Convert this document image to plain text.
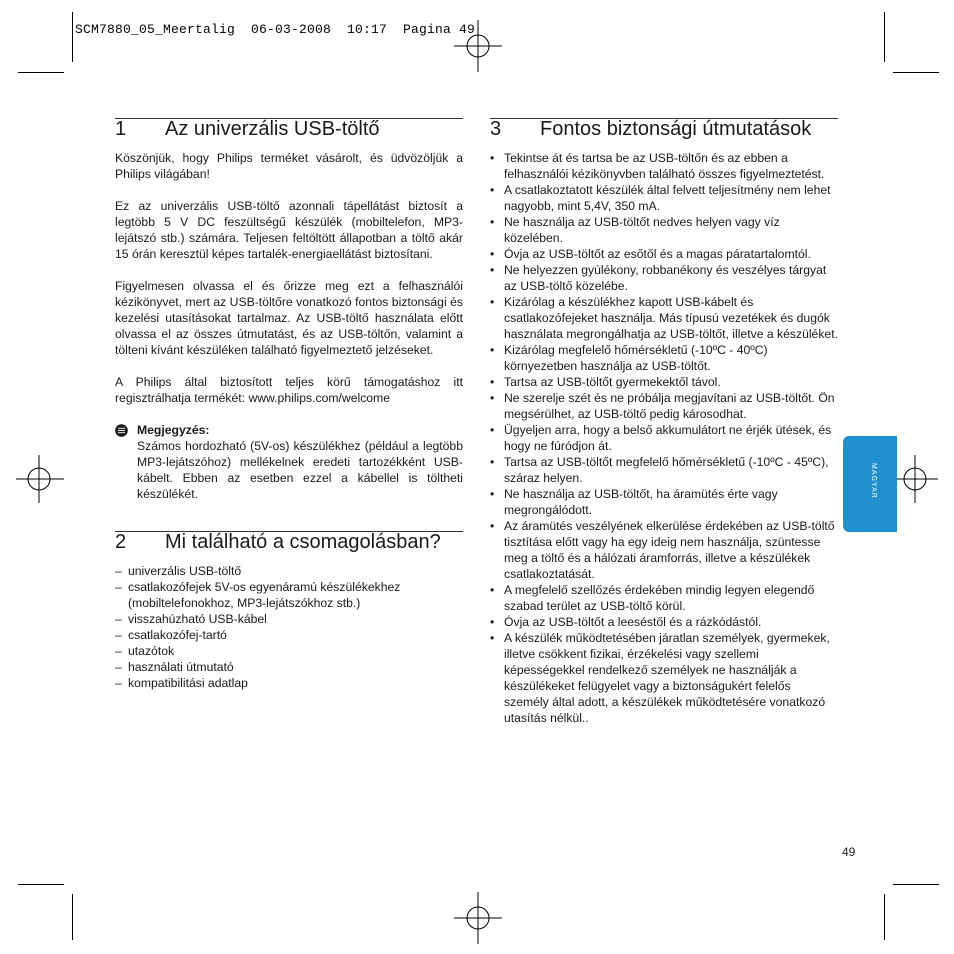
SCM7880_05_Meertalig  06-03-2008  10:17  Pagina 49
1	Az univerzális USB-töltő

Köszönjük, hogy Philips terméket vásárolt, és üdvözöljük a Philips világában!

Ez az univerzális USB-töltő azonnali tápellátást biztosít a legtöbb 5 V DC feszültségű készülék (mobiltelefon, MP3-lejátszó stb.) számára. Teljesen feltöltött állapotban a töltő akár 15 órán keresztül képes tartalék-energiaellátást biztosítani.

Figyelmesen olvassa el és őrizze meg ezt a felhasználói kézikönyvet, mert az USB-töltőre vonatkozó fontos biztonsági és kezelési utasításokat tartalmaz. Az USB-töltő használata előtt olvassa el az összes útmutatást, és az USB-töltőn, valamint a tölteni kívánt készüléken található figyelmeztető jelzéseket.

A Philips által biztosított teljes körű támogatáshoz itt regisztrálhatja termékét: www.philips.com/welcome

Megjegyzés:
Számos hordozható (5V-os) készülékhez (például a legtöbb MP3-lejátszóhoz) mellékelnek eredeti tartozékként USB-kábelt. Ebben az esetben ezzel a kábellel is töltheti készülékét.
2	Mi található a csomagolásban?
– univerzális USB-töltő
– csatlakozófejek 5V-os egyenáramú készülékekhez (mobiltelefonokhoz, MP3-lejátszókhoz stb.)
– visszahúzható USB-kábel
– csatlakozófej-tartó
– utazótok
– használati útmutató
– kompatibilitási adatlap
3	Fontos biztonsági útmutatások
• Tekintse át és tartsa be az USB-töltőn és az ebben a felhasználói kézikönyvben található összes figyelmeztetést.
• A csatlakoztatott készülék által felvett teljesítmény nem lehet nagyobb, mint 5,4V, 350 mA.
• Ne használja az USB-töltőt nedves helyen vagy víz közelében.
• Óvja az USB-töltőt az esőtől és a magas páratartalomtól.
• Ne helyezzen gyúlékony, robbanékony és veszélyes tárgyat az USB-töltő közelébe.
• Kizárólag a készülékhez kapott USB-kábelt és csatlakozófejeket használja. Más típusú vezetékek és dugók használata megrongálhatja az USB-töltőt, illetve a készüléket.
• Kizárólag megfelelő hőmérsékletű (-10ºC - 40ºC) környezetben használja az USB-töltőt.
• Tartsa az USB-töltőt gyermekektől távol.
• Ne szerelje szét és ne próbálja megjavítani az USB-töltőt. Ön megsérülhet, az USB-töltő pedig károsodhat.
• Ügyeljen arra, hogy a belső akkumulátort ne érjék ütések, és hogy ne fúródjon át.
• Tartsa az USB-töltőt megfelelő hőmérsékletű (-10ºC - 45ºC), száraz helyen.
• Ne használja az USB-töltőt, ha áramütés érte vagy megrongálódott.
• Az áramütés veszélyének elkerülése érdekében az USB-töltő tisztítása előtt vagy ha egy ideig nem használja, szüntesse meg a töltő és a hálózati áramforrás, illetve a készülékek csatlakoztatását.
• A megfelelő szellőzés érdekében mindig legyen elegendő szabad terület az USB-töltő körül.
• Óvja az USB-töltőt a leeséstől és a rázkódástól.
• A készülék működtetésében járatlan személyek, gyermekek, illetve csökkent fizikai, érzékelési vagy szellemi képességekkel rendelkező személyek ne használják a készülékeket felügyelet vagy a biztonságukért felelős személy által adott, a készülékek működtetésére vonatkozó utasítás nélkül..
MAGYAR
49
